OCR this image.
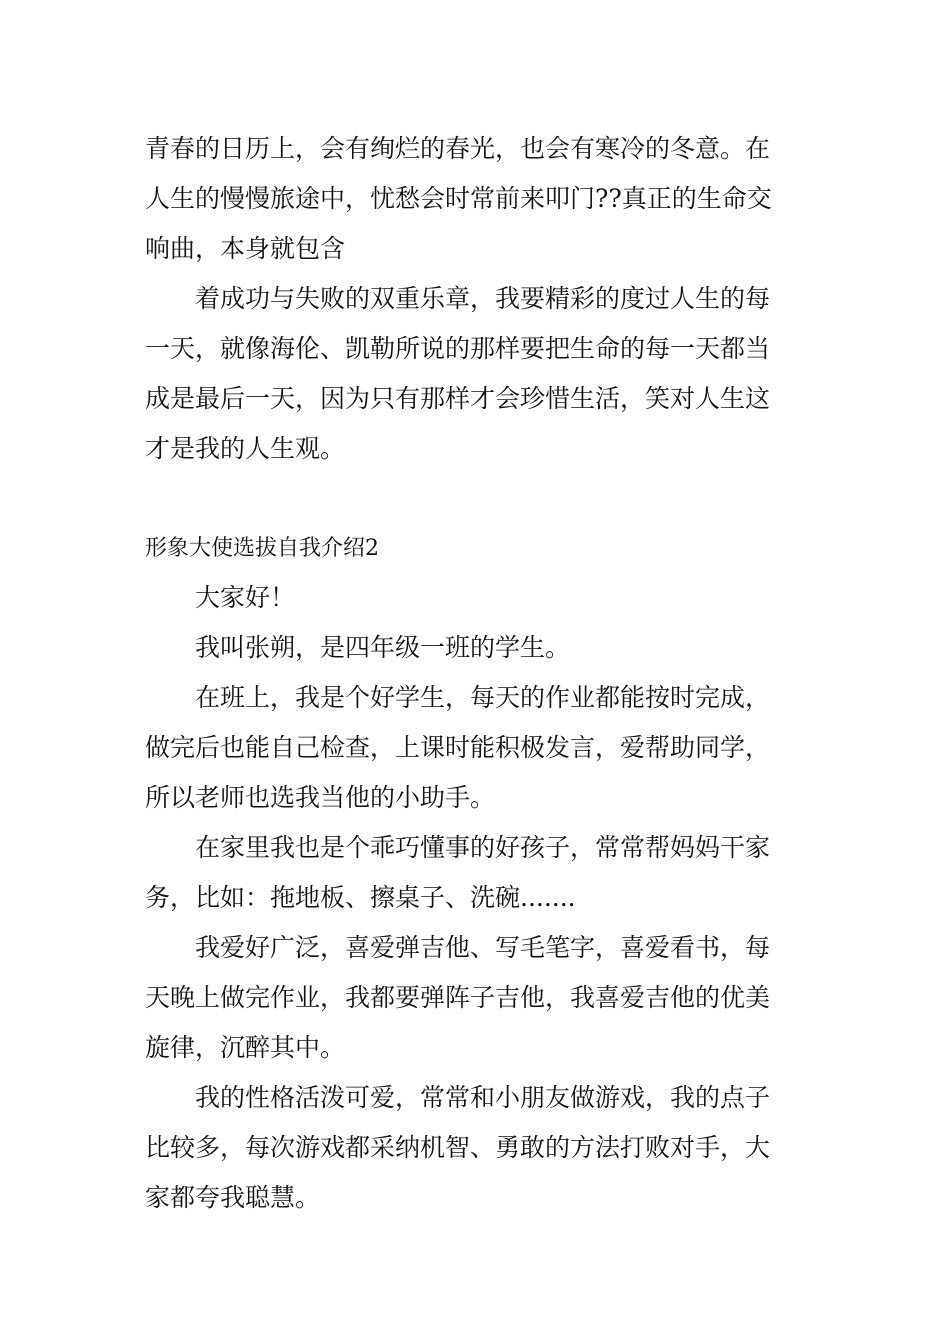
青春的日历上，会有绚烂的春光，也会有寒冷的冬意。在
人生的慢慢旅途中，忧愁会时常前来叩门??真正的生命交
响曲，本身就包含
着成功与失败的双重乐章，我要精彩的度过人生的每
一天，就像海伦、凯勒所说的那样要把生命的每一天都当
成是最后一天，因为只有那样才会珍惜生活，笑对人生这
才是我的人生观。
形象大使选拔自我介绍2
大家好！
我叫张朔，是四年级一班的学生。
在班上，我是个好学生，每天的作业都能按时完成，
做完后也能自己检查，上课时能积极发言，爱帮助同学，
所以老师也选我当他的小助手。
在家里我也是个乖巧懂事的好孩子，常常帮妈妈干家
务，比如：拖地板、擦桌子、洗碗.......
我爱好广泛，喜爱弹吉他、写毛笔字，喜爱看书，每
天晚上做完作业，我都要弹阵子吉他，我喜爱吉他的优美
旋律，沉醉其中。
我的性格活泼可爱，常常和小朋友做游戏，我的点子
比较多，每次游戏都采纳机智、勇敢的方法打败对手，大
家都夸我聪慧。
